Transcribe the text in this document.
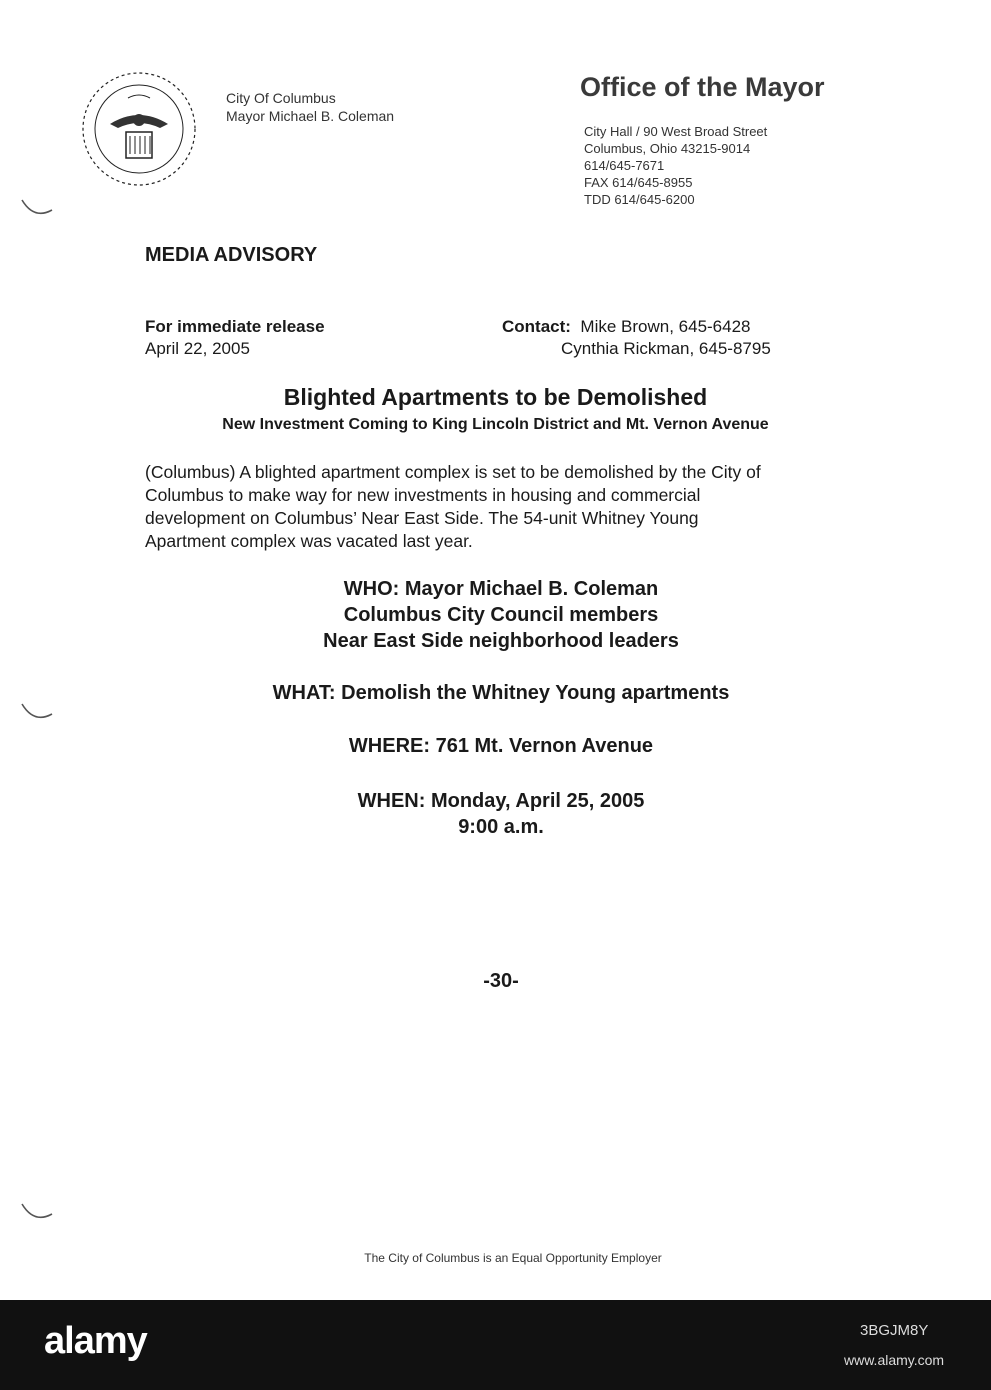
City Of Columbus
Mayor Michael B. Coleman
Office of the Mayor
City Hall / 90 West Broad Street
Columbus, Ohio 43215-9014
614/645-7671
FAX 614/645-8955
TDD 614/645-6200
MEDIA ADVISORY
For immediate release
April 22, 2005
Contact: Mike Brown, 645-6428
Cynthia Rickman, 645-8795
Blighted Apartments to be Demolished
New Investment Coming to King Lincoln District and Mt. Vernon Avenue
(Columbus) A blighted apartment complex is set to be demolished by the City of
Columbus to make way for new investments in housing and commercial
development on Columbus’ Near East Side. The 54-unit Whitney Young
Apartment complex was vacated last year.
WHO: Mayor Michael B. Coleman
Columbus City Council members
Near East Side neighborhood leaders
WHAT: Demolish the Whitney Young apartments
WHERE: 761 Mt. Vernon Avenue
WHEN: Monday, April 25, 2005
9:00 a.m.
-30-
The City of Columbus is an Equal Opportunity Employer
alamy	3BGJM8Y
www.alamy.com
